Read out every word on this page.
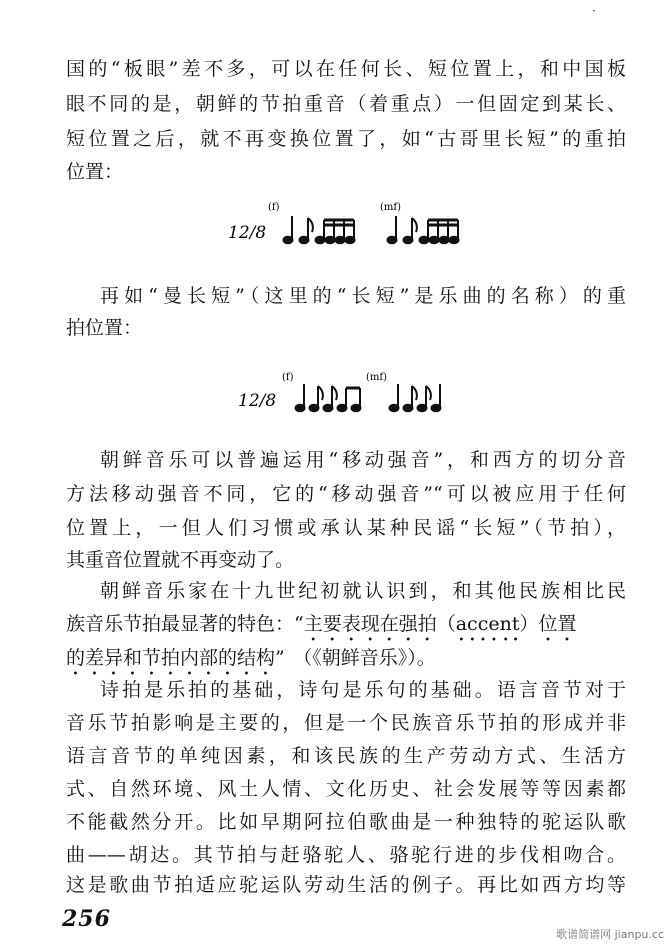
·
国的“板眼”差不多，可以在任何长、短位置上，和中国板
眼不同的是，朝鲜的节拍重音（着重点）一但固定到某长、
短位置之后，就不再变换位置了，如“古哥里长短”的重拍
位置：
12/8
(f)	(mf)
再如“曼长短”（这里的“长短”是乐曲的名称）的重
拍位置：
12/8
(f)	(mf)
朝鲜音乐可以普遍运用“移动强音”，和西方的切分音
方法移动强音不同，它的“移动强音”“可以被应用于任何
位置上，一但人们习惯或承认某种民谣“长短”（节拍），
其重音位置就不再变动了。
朝鲜音乐家在十九世纪初就认识到，和其他民族相比民
族音乐节拍最显著的特色：“主要表现在强拍（accent）位置
的差异和节拍内部的结构” （《朝鲜音乐》）。
诗拍是乐拍的基础，诗句是乐句的基础。语言音节对于
音乐节拍影响是主要的，但是一个民族音乐节拍的形成并非
语言音节的单纯因素，和该民族的生产劳动方式、生活方
式、自然环境、风土人情、文化历史、社会发展等等因素都
不能截然分开。比如早期阿拉伯歌曲是一种独特的驼运队歌
曲——胡达。其节拍与赶骆驼人、骆驼行进的步伐相吻合。
这是歌曲节拍适应驼运队劳动生活的例子。再比如西方均等
256
歌谱简谱网 jianpu.cc
